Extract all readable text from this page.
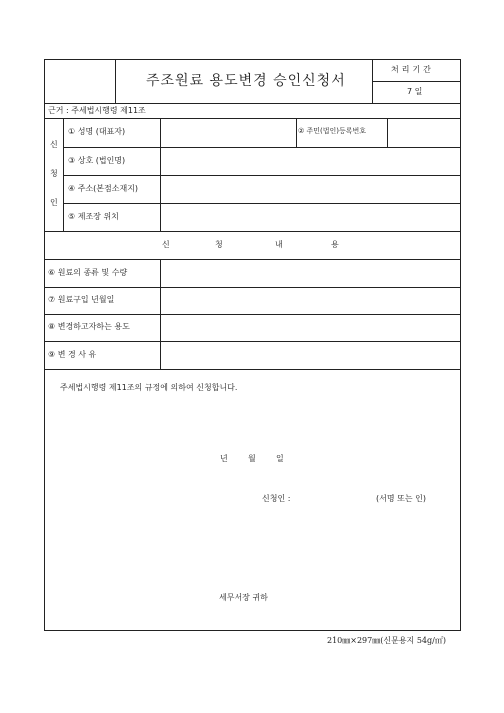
주조원료 용도변경 승인신청서
처리기간
7 일
근거 : 주세법시행령 제11조
신
청
인
① 성명 (대표자)	② 주민(법인)등록번호
③ 상호 (법인명)
④ 주소(본점소재지)
⑤ 제조장 위치
신	청	내	용
⑥ 원료의 종류 및 수량
⑦ 원료구입 년월일
⑧ 변경하고자하는 용도
⑨ 변 경 사 유
주세법시행령 제11조의 규정에 의하여 신청합니다.
년	월	일
신청인 :	(서명 또는 인)
세무서장 귀하
210㎜×297㎜(신문용지 54g/㎡)
